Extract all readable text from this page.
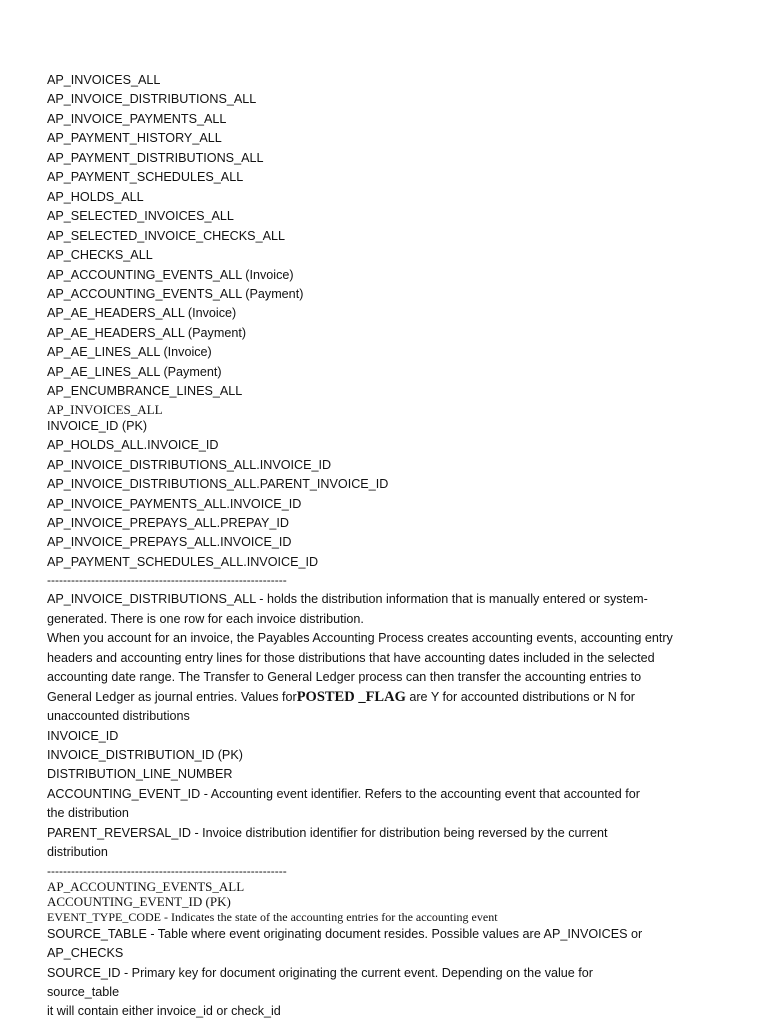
AP_INVOICES_ALL
AP_INVOICE_DISTRIBUTIONS_ALL
AP_INVOICE_PAYMENTS_ALL
AP_PAYMENT_HISTORY_ALL
AP_PAYMENT_DISTRIBUTIONS_ALL
AP_PAYMENT_SCHEDULES_ALL
AP_HOLDS_ALL
AP_SELECTED_INVOICES_ALL
AP_SELECTED_INVOICE_CHECKS_ALL
AP_CHECKS_ALL
AP_ACCOUNTING_EVENTS_ALL (Invoice)
AP_ACCOUNTING_EVENTS_ALL (Payment)
AP_AE_HEADERS_ALL (Invoice)
AP_AE_HEADERS_ALL (Payment)
AP_AE_LINES_ALL (Invoice)
AP_AE_LINES_ALL (Payment)
AP_ENCUMBRANCE_LINES_ALL
AP_INVOICES_ALL
INVOICE_ID (PK)
AP_HOLDS_ALL.INVOICE_ID
AP_INVOICE_DISTRIBUTIONS_ALL.INVOICE_ID
AP_INVOICE_DISTRIBUTIONS_ALL.PARENT_INVOICE_ID
AP_INVOICE_PAYMENTS_ALL.INVOICE_ID
AP_INVOICE_PREPAYS_ALL.PREPAY_ID
AP_INVOICE_PREPAYS_ALL.INVOICE_ID
AP_PAYMENT_SCHEDULES_ALL.INVOICE_ID
------------------------------------------------------------
AP_INVOICE_DISTRIBUTIONS_ALL - holds the distribution information that is manually entered or system-
generated. There is one row for each invoice distribution.
When you account for an invoice, the Payables Accounting Process creates accounting events, accounting entry
headers and accounting entry lines for those distributions that have accounting dates included in the selected
accounting date range. The Transfer to General Ledger process can then transfer the accounting entries to
General Ledger as journal entries. Values forPOSTED _FLAG are Y for accounted distributions or N for
unaccounted distributions
INVOICE_ID
INVOICE_DISTRIBUTION_ID (PK)
DISTRIBUTION_LINE_NUMBER
ACCOUNTING_EVENT_ID - Accounting event identifier. Refers to the accounting event that accounted for
the distribution
PARENT_REVERSAL_ID - Invoice distribution identifier for distribution being reversed by the current
distribution
------------------------------------------------------------
AP_ACCOUNTING_EVENTS_ALL
ACCOUNTING_EVENT_ID (PK)
EVENT_TYPE_CODE - Indicates the state of the accounting entries for the accounting event
SOURCE_TABLE - Table where event originating document resides. Possible values are AP_INVOICES or
AP_CHECKS
SOURCE_ID - Primary key for document originating the current event. Depending on the value for
source_table
it will contain either invoice_id or check_id
